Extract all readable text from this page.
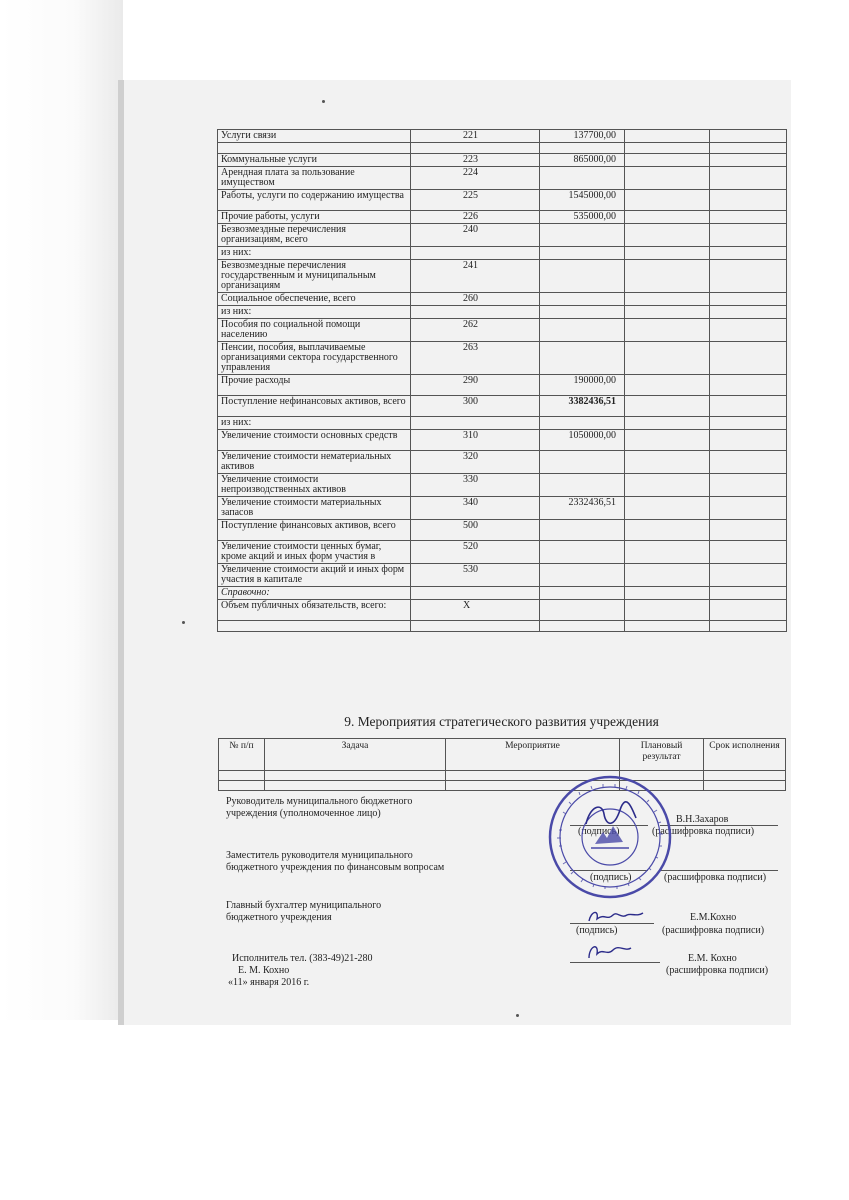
Услуги связи	221	137700,00		

Коммунальные услуги	223	865000,00		
Арендная плата за пользование имуществом	224			
Работы, услуги по содержанию имущества	225	1545000,00		
Прочие работы, услуги	226	535000,00		
Безвозмездные перечисления организациям, всего	240			
из них:				
Безвозмездные перечисления государственным и муниципальным организациям	241			
Социальное обеспечение, всего	260			
из них:				
Пособия по социальной помощи населению	262			
Пенсии, пособия, выплачиваемые организациями сектора государственного управления	263			
Прочие расходы	290	190000,00		
Поступление нефинансовых активов, всего	300	3382436,51		
из них:				
Увеличение стоимости основных средств	310	1050000,00		
Увеличение стоимости нематериальных активов	320			
Увеличение стоимости непроизводственных активов	330			
Увеличение стоимости материальных запасов	340	2332436,51		
Поступление финансовых активов, всего	500			
Увеличение стоимости ценных бумаг, кроме акций и иных форм участия в	520			
Увеличение стоимости акций и иных форм участия в капитале	530			
Справочно:				
Объем публичных обязательств, всего:	X			

9. Мероприятия стратегического развития учреждения
№ п/п	Задача	Мероприятие	Плановый результат	Срок исполнения

Руководитель муниципального бюджетного
учреждения (уполномоченное лицо)
В.Н.Захаров
(подпись)	(расшифровка подписи)
Заместитель руководителя муниципального
бюджетного учреждения по финансовым вопросам
(подпись)	(расшифровка подписи)
Главный бухгалтер муниципального
бюджетного учреждения	Е.М.Кохно
(подпись)	(расшифровка подписи)
Исполнитель тел. (383-49)21-280
Е. М. Кохно
«11» января 2016 г.
Е.М. Кохно
(расшифровка подписи)
